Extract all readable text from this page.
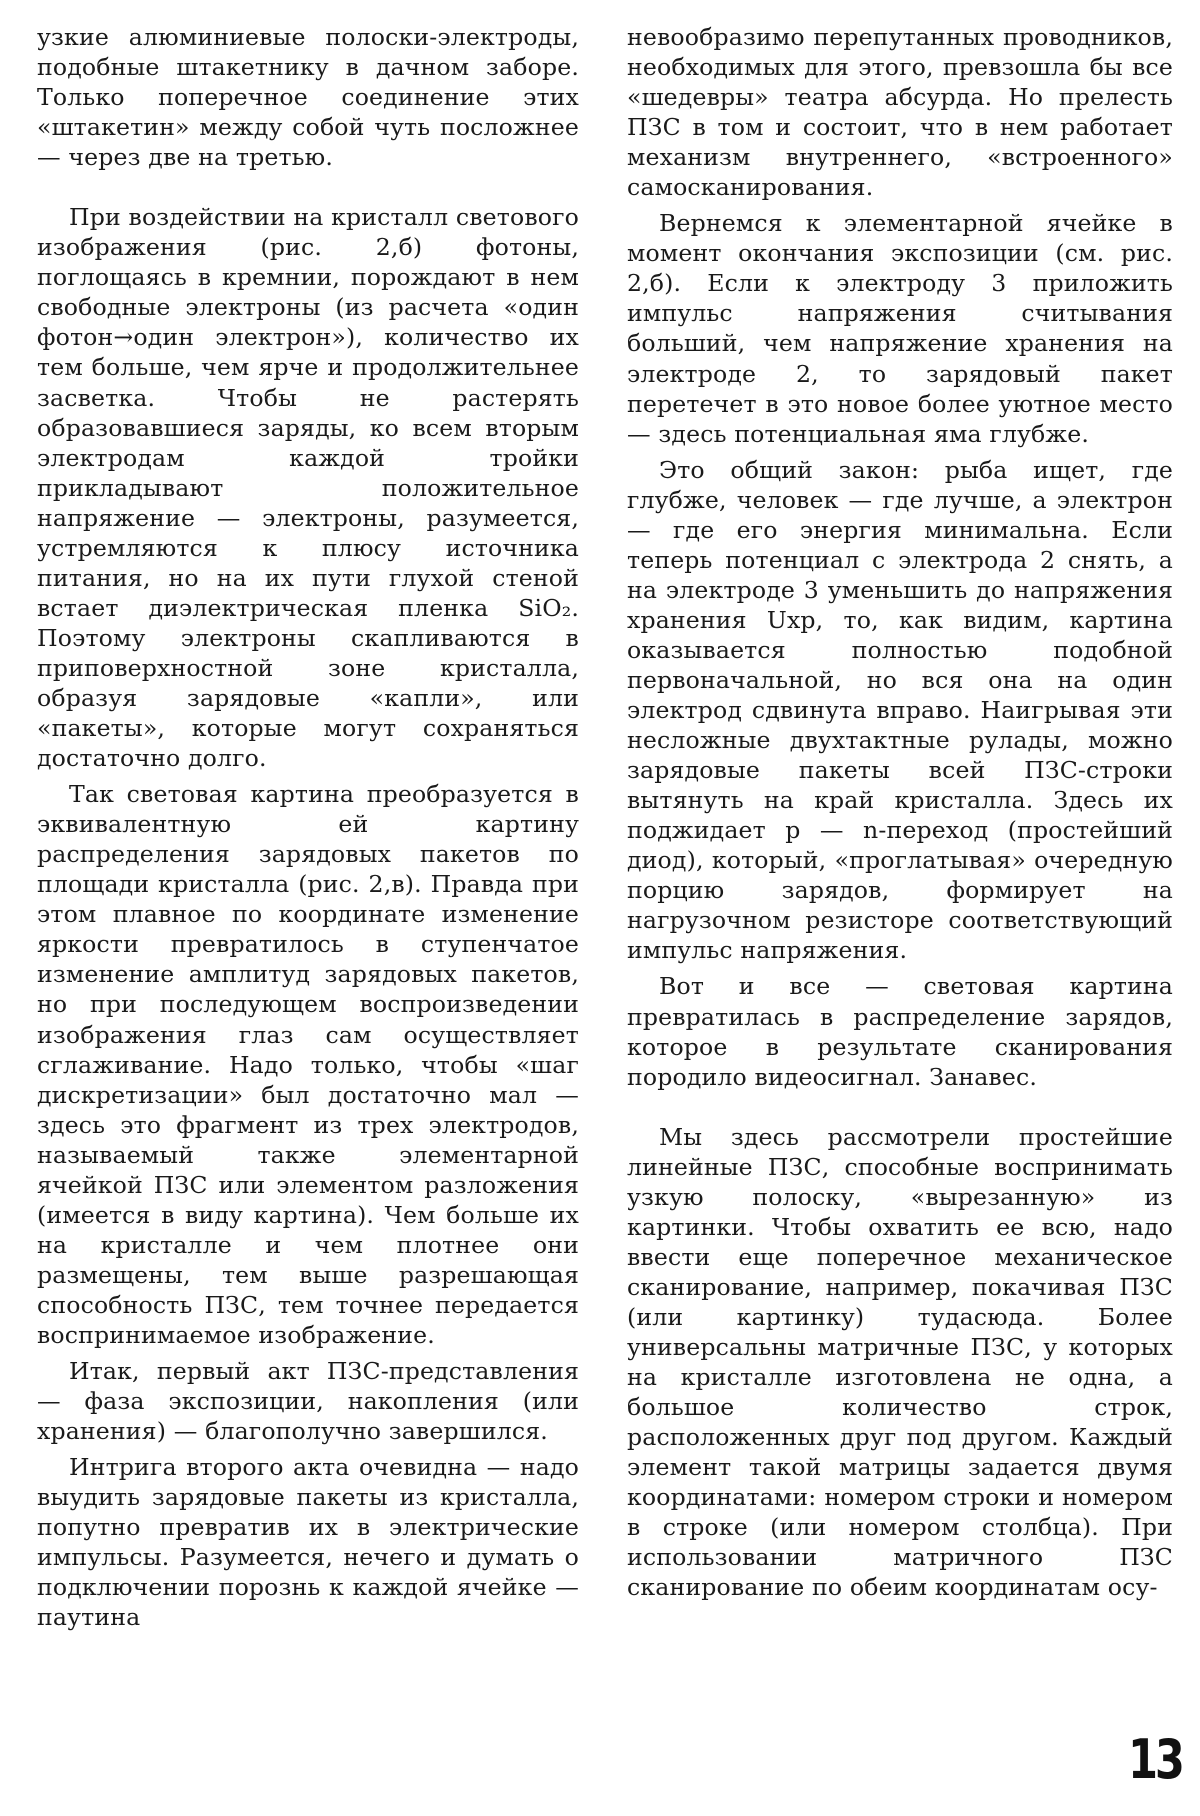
узкие алюминиевые полоски-электроды, подобные штакетнику в дачном заборе. Только поперечное соединение этих «штакетин» между собой чуть посложнее — через две на третью.

При воздействии на кристалл светового изображения (рис. 2,б) фотоны, поглощаясь в кремнии, порождают в нем свободные электроны (из расчета «один фотон→один электрон»), количество их тем больше, чем ярче и продолжительнее засветка. Чтобы не растерять образовавшиеся заряды, ко всем вторым электродам каждой тройки прикладывают положительное напряжение — электроны, разумеется, устремляются к плюсу источника питания, но на их пути глухой стеной встает диэлектрическая пленка SiO₂. Поэтому электроны скапливаются в приповерхностной зоне кристалла, образуя зарядовые «капли», или «пакеты», которые могут сохраняться достаточно долго.

Так световая картина преобразуется в эквивалентную ей картину распределения зарядовых пакетов по площади кристалла (рис. 2,в). Правда при этом плавное по координате изменение яркости превратилось в ступенчатое изменение амплитуд зарядовых пакетов, но при последующем воспроизведении изображения глаз сам осуществляет сглаживание. Надо только, чтобы «шаг дискретизации» был достаточно мал — здесь это фрагмент из трех электродов, называемый также элементарной ячейкой ПЗС или элементом разложения (имеется в виду картина). Чем больше их на кристалле и чем плотнее они размещены, тем выше разрешающая способность ПЗС, тем точнее передается воспринимаемое изображение.

Итак, первый акт ПЗС-представления — фаза экспозиции, накопления (или хранения) — благополучно завершился.

Интрига второго акта очевидна — надо выудить зарядовые пакеты из кристалла, попутно превратив их в электрические импульсы. Разумеется, нечего и думать о подключении порознь к каждой ячейке — паутина

невообразимо перепутанных проводников, необходимых для этого, превзошла бы все «шедевры» театра абсурда. Но прелесть ПЗС в том и состоит, что в нем работает механизм внутреннего, «встроенного» самосканирования.

Вернемся к элементарной ячейке в момент окончания экспозиции (см. рис. 2,б). Если к электроду 3 приложить импульс напряжения считывания больший, чем напряжение хранения на электроде 2, то зарядовый пакет перетечет в это новое более уютное место — здесь потенциальная яма глубже.

Это общий закон: рыба ищет, где глубже, человек — где лучше, а электрон — где его энергия минимальна. Если теперь потенциал с электрода 2 снять, а на электроде 3 уменьшить до напряжения хранения Uхр, то, как видим, картина оказывается полностью подобной первоначальной, но вся она на один электрод сдвинута вправо. Наигрывая эти несложные двухтактные рулады, можно зарядовые пакеты всей ПЗС-строки вытянуть на край кристалла. Здесь их поджидает p — n-переход (простейший диод), который, «проглатывая» очередную порцию зарядов, формирует на нагрузочном резисторе соответствующий импульс напряжения.

Вот и все — световая картина превратилась в распределение зарядов, которое в результате сканирования породило видеосигнал. Занавес.

Мы здесь рассмотрели простейшие линейные ПЗС, способные воспринимать узкую полоску, «вырезанную» из картинки. Чтобы охватить ее всю, надо ввести еще поперечное механическое сканирование, например, покачивая ПЗС (или картинку) тудасюда. Более универсальны матричные ПЗС, у которых на кристалле изготовлена не одна, а большое количество строк, расположенных друг под другом. Каждый элемент такой матрицы задается двумя координатами: номером строки и номером в строке (или номером столбца). При использовании матричного ПЗС сканирование по обеим координатам осу-

13
